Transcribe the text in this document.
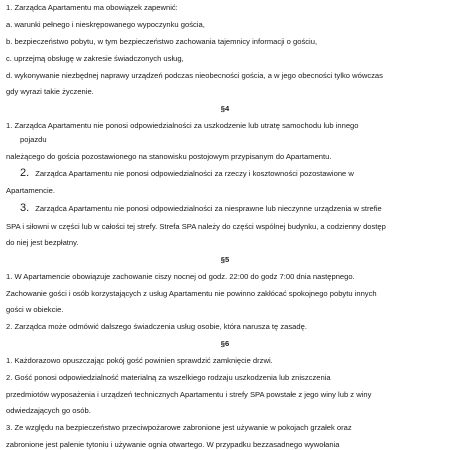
1. Zarządca Apartamentu ma obowiązek zapewnić:
a. warunki pełnego i nieskrępowanego wypoczynku gościa,
b. bezpieczeństwo pobytu, w tym bezpieczeństwo zachowania tajemnicy informacji o gościu,
c. uprzejmą obsługę w zakresie świadczonych usług,
d. wykonywanie niezbędnej naprawy urządzeń podczas nieobecności gościa, a w jego obecności tylko wówczas
gdy wyrazi takie życzenie.
§4
1. Zarządca Apartamentu nie ponosi odpowiedzialności za uszkodzenie lub utratę samochodu lub innego
pojazdu
należącego do gościa pozostawionego na stanowisku postojowym przypisanym do Apartamentu.
2. Zarządca Apartamentu nie ponosi odpowiedzialności za rzeczy i kosztowności pozostawione w
Apartamencie.
3. Zarządca Apartamentu nie ponosi odpowiedzialności za niesprawne lub nieczynne urządzenia w strefie
SPA i siłowni w części lub w całości tej strefy. Strefa SPA należy do części wspólnej budynku, a codzienny dostęp
do niej jest bezpłatny.
§5
1. W Apartamencie obowiązuje zachowanie ciszy nocnej od godz. 22:00 do godz 7:00 dnia następnego.
Zachowanie gości i osób korzystających z usług Apartamentu nie powinno zakłócać spokojnego pobytu innych
gości w obiekcie.
2. Zarządca może odmówić dalszego świadczenia usług osobie, która narusza tę zasadę.
§6
1. Każdorazowo opuszczając pokój gość powinien sprawdzić zamknięcie drzwi.
2. Gość ponosi odpowiedzialność materialną za wszelkiego rodzaju uszkodzenia lub zniszczenia
przedmiotów wyposażenia i urządzeń technicznych Apartamentu i strefy SPA powstałe z jego winy lub z winy
odwiedzających go osób.
3. Ze względu na bezpieczeństwo przeciwpożarowe zabronione jest używanie w pokojach grzałek oraz
zabronione jest palenie tytoniu i używanie ognia otwartego. W przypadku bezzasadnego wywołania
